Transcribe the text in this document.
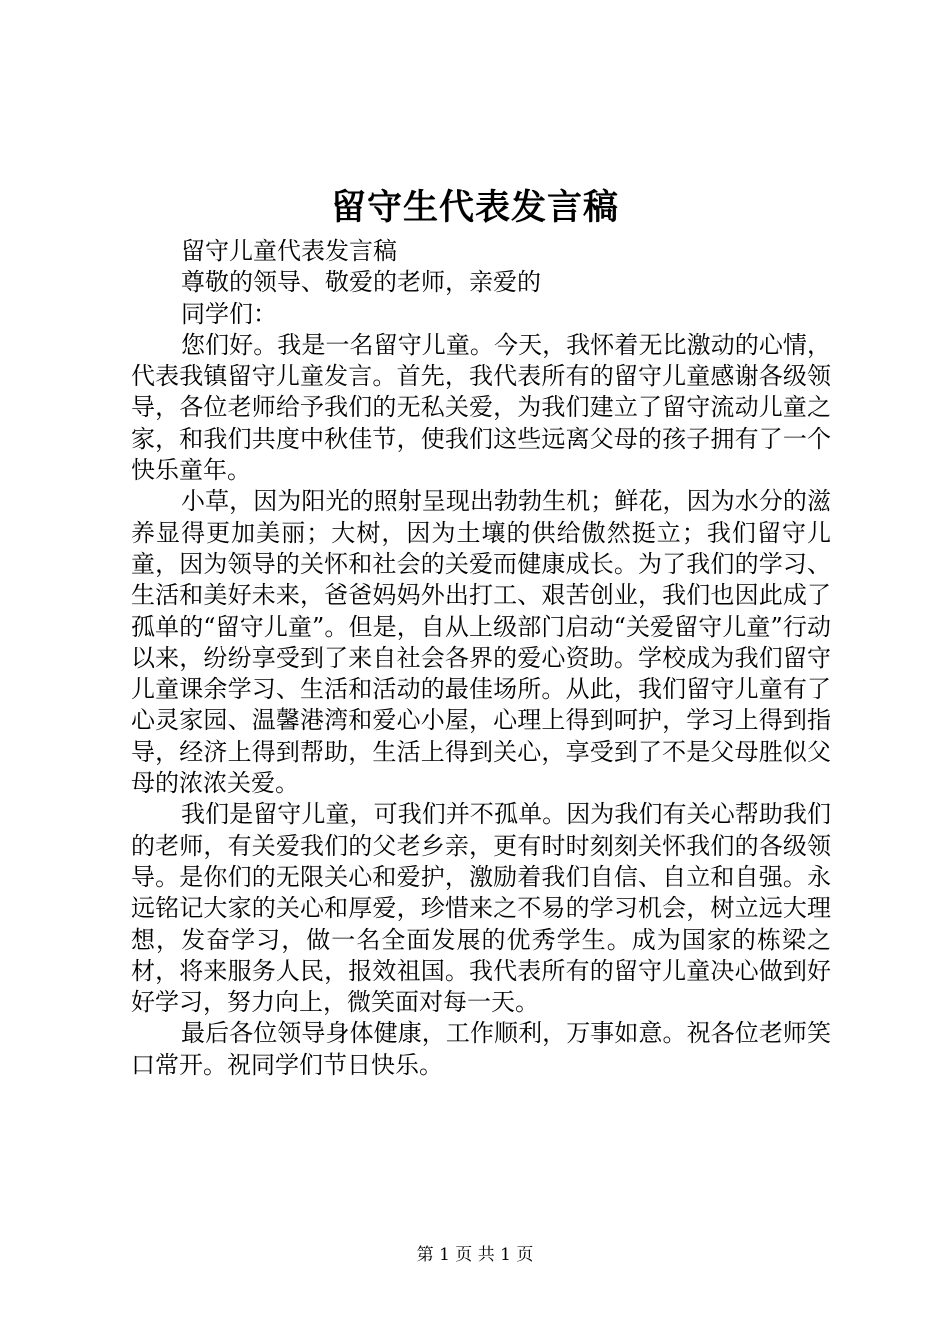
留守生代表发言稿

留守儿童代表发言稿

尊敬的领导、敬爱的老师，亲爱的

同学们：

您们好。我是一名留守儿童。今天，我怀着无比激动的心情，代表我镇留守儿童发言。首先，我代表所有的留守儿童感谢各级领导，各位老师给予我们的无私关爱，为我们建立了留守流动儿童之家，和我们共度中秋佳节，使我们这些远离父母的孩子拥有了一个快乐童年。

小草，因为阳光的照射呈现出勃勃生机；鲜花，因为水分的滋养显得更加美丽；大树，因为土壤的供给傲然挺立；我们留守儿童，因为领导的关怀和社会的关爱而健康成长。为了我们的学习、生活和美好未来，爸爸妈妈外出打工、艰苦创业，我们也因此成了孤单的“留守儿童”。但是，自从上级部门启动“关爱留守儿童”行动以来，纷纷享受到了来自社会各界的爱心资助。学校成为我们留守儿童课余学习、生活和活动的最佳场所。从此，我们留守儿童有了心灵家园、温馨港湾和爱心小屋，心理上得到呵护，学习上得到指导，经济上得到帮助，生活上得到关心，享受到了不是父母胜似父母的浓浓关爱。

我们是留守儿童，可我们并不孤单。因为我们有关心帮助我们的老师，有关爱我们的父老乡亲，更有时时刻刻关怀我们的各级领导。是你们的无限关心和爱护，激励着我们自信、自立和自强。永远铭记大家的关心和厚爱，珍惜来之不易的学习机会，树立远大理想，发奋学习，做一名全面发展的优秀学生。成为国家的栋梁之材，将来服务人民，报效祖国。我代表所有的留守儿童决心做到好好学习，努力向上，微笑面对每一天。

最后各位领导身体健康，工作顺利，万事如意。祝各位老师笑口常开。祝同学们节日快乐。

第 1 页 共 1 页
